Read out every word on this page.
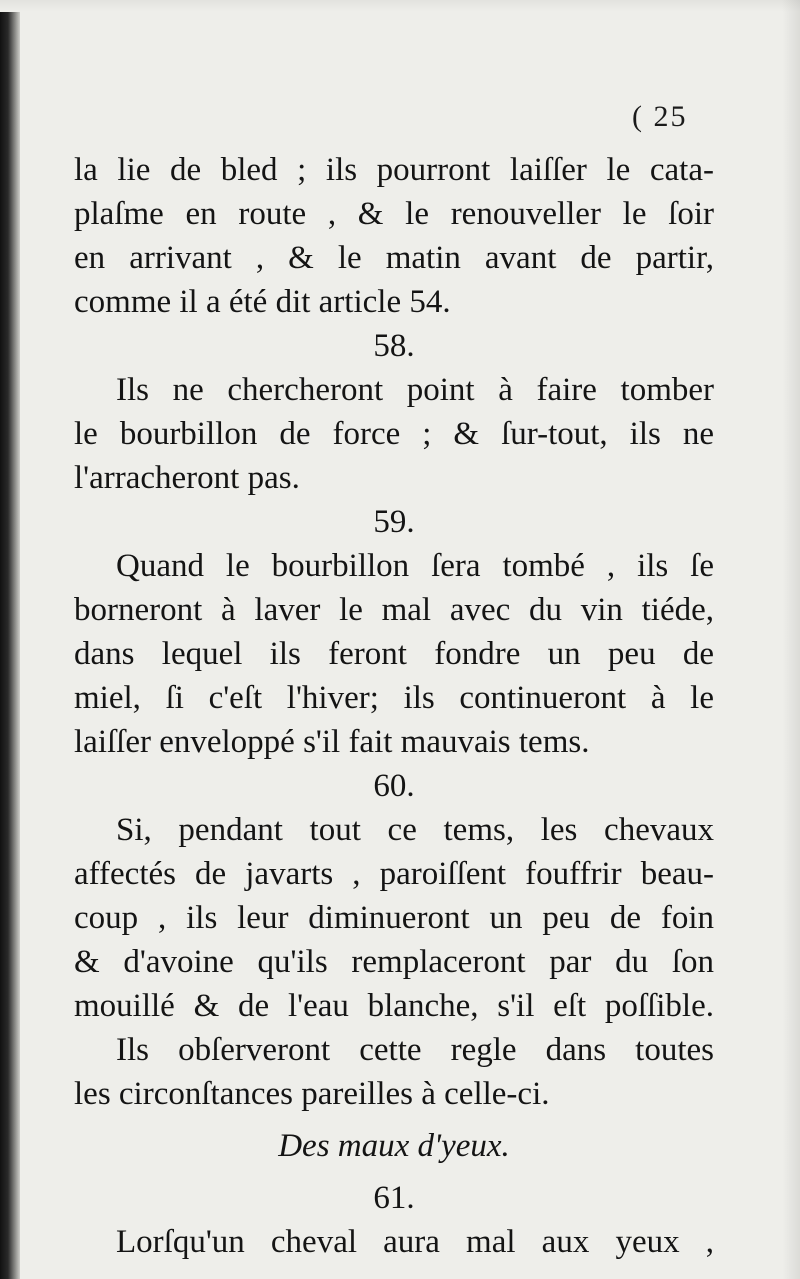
( 25
la lie de bled ; ils pourront laiſſer le cata-
plaſme en route , & le renouveller le ſoir
en arrivant , & le matin avant de partir,
comme il a été dit article 54.
58.
Ils ne chercheront point à faire tomber
le bourbillon de force ; & ſur-tout, ils ne
l'arracheront pas.
59.
Quand le bourbillon ſera tombé , ils ſe
borneront à laver le mal avec du vin tiéde,
dans lequel ils feront fondre un peu de
miel, ſi c'eſt l'hiver; ils continueront à le
laiſſer enveloppé s'il fait mauvais tems.
60.
Si, pendant tout ce tems, les chevaux
affectés de javarts , paroiſſent fouffrir beau-
coup , ils leur diminueront un peu de foin
& d'avoine qu'ils remplaceront par du ſon
mouillé & de l'eau blanche, s'il eſt poſſible.
Ils obſerveront cette regle dans toutes
les circonſtances pareilles à celle-ci.
Des maux d'yeux.
61.
Lorſqu'un cheval aura mal aux yeux ,
